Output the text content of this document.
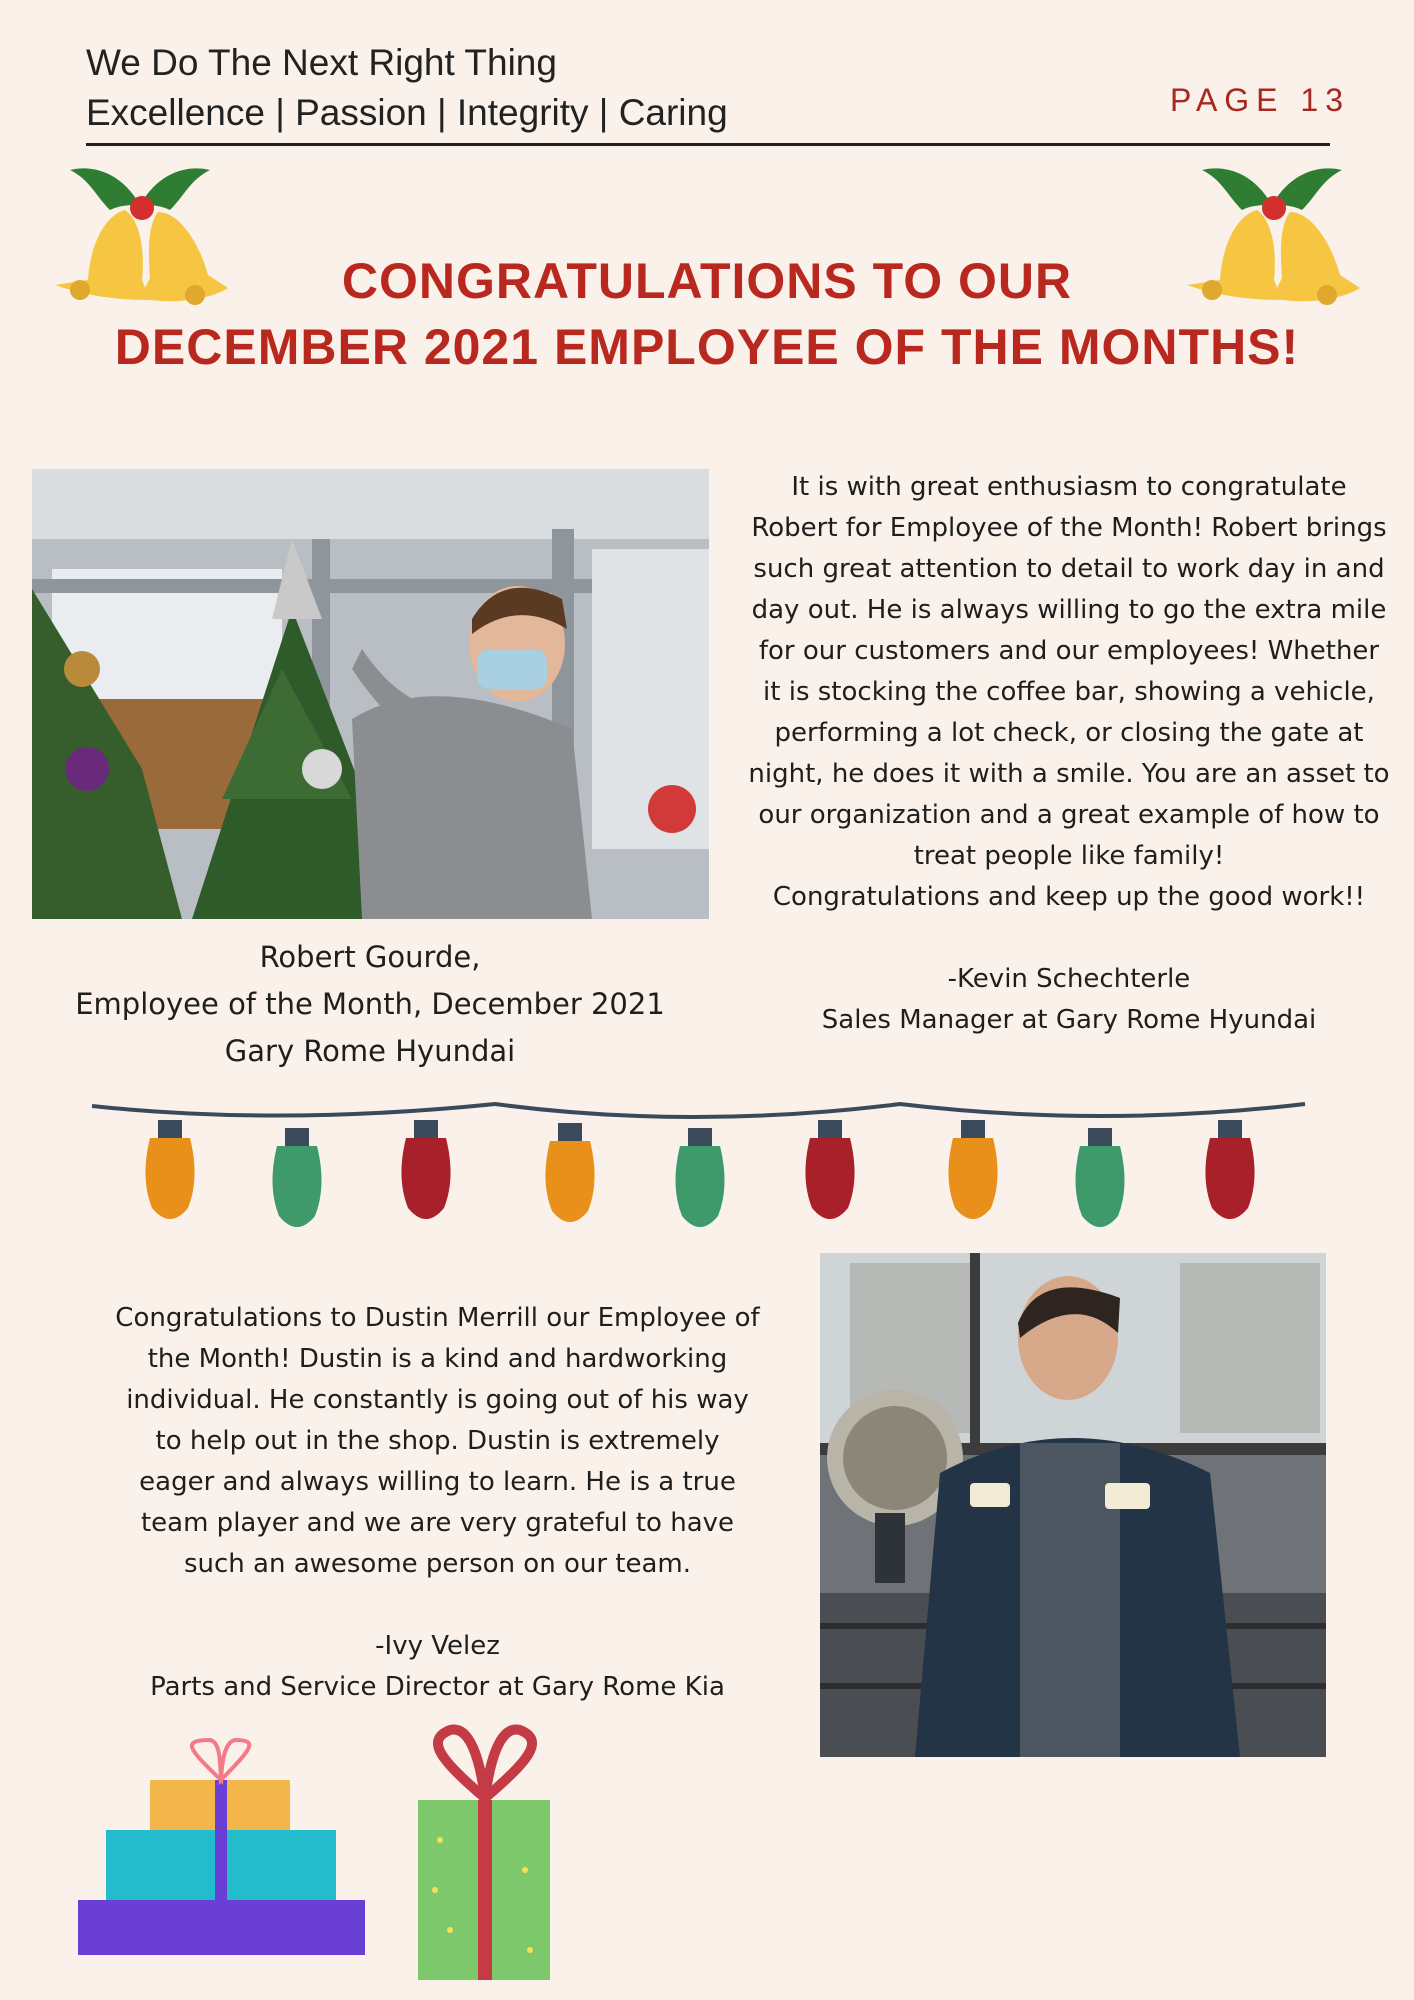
We Do The Next Right Thing
Excellence | Passion | Integrity | Caring	PAGE 13
CONGRATULATIONS TO OUR
DECEMBER 2021 EMPLOYEE OF THE MONTHS!
It is with great enthusiasm to congratulate Robert for Employee of the Month! Robert brings such great attention to detail to work day in and day out. He is always willing to go the extra mile for our customers and our employees! Whether it is stocking the coffee bar, showing a vehicle, performing a lot check, or closing the gate at night, he does it with a smile. You are an asset to our organization and a great example of how to treat people like family!
Congratulations and keep up the good work!!
-Kevin Schechterle
Sales Manager at Gary Rome Hyundai
Robert Gourde,
Employee of the Month, December 2021
Gary Rome Hyundai
Congratulations to Dustin Merrill our Employee of the Month! Dustin is a kind and hardworking individual. He constantly is going out of his way to help out in the shop. Dustin is extremely eager and always willing to learn. He is a true team player and we are very grateful to have such an awesome person on our team.
-Ivy Velez
Parts and Service Director at Gary Rome Kia
